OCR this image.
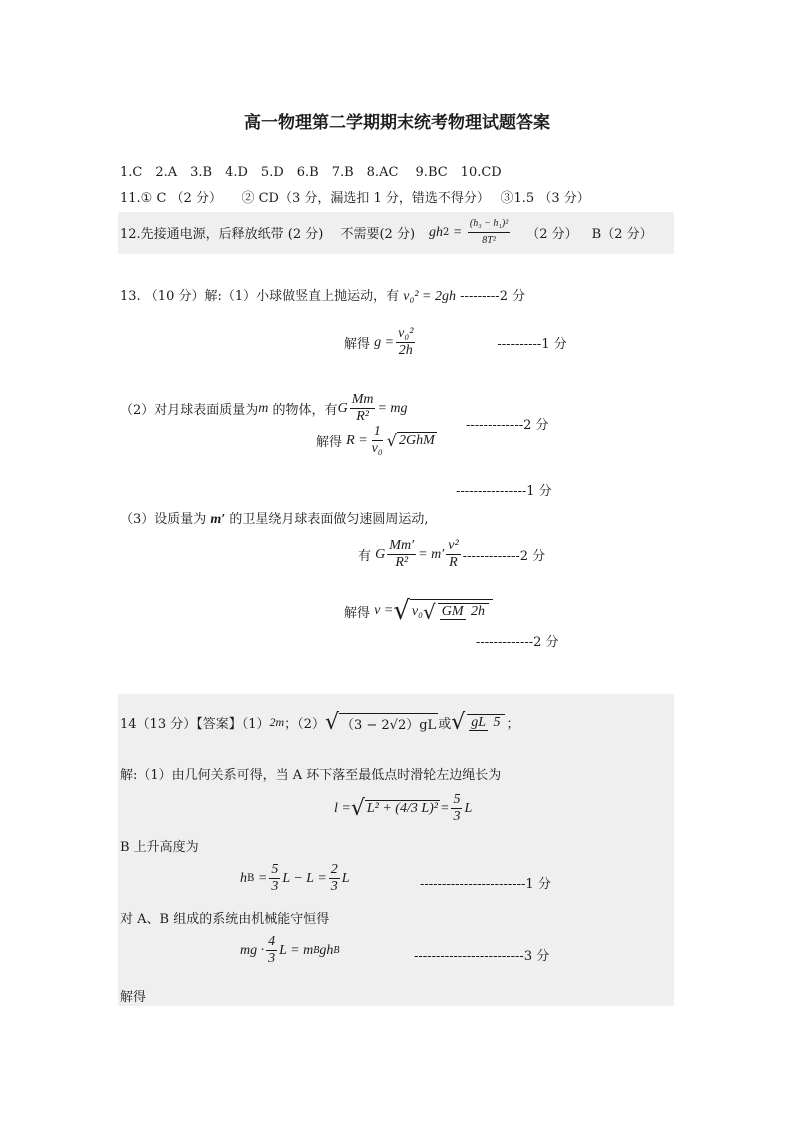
高一物理第二学期期末统考物理试题答案
1.C　2.A　3.B　4.D　5.D　6.B　7.B　8.AC　 9.BC　10.CD
11.① C （2 分）　　② CD（3 分，漏选扣 1 分，错选不得分）　 ③1.5 （3 分）
12.先接通电源，后释放纸带 (2 分)　 不需要(2 分) gh $2 = \frac{\text{(h₃ − h₁)²}}{\text{8T²}} (2$ 分） B（2 分）
13. （10 分）解:（1）小球做竖直上抛运动，有 v₀² = 2gh ---------2 分
解得
$g = \frac{\text{v₀²}}{2h}$	----------1 分
（2）对月球表面质量为 m
的物体，有 G $\frac{Mm}{\text{R²}}$ = mg
-------------2 分
解得
$R = \frac{1}{\text{v₀}}$ √ 2GhM
----------------1 分
（3）设质量为 m′ 的卫星绕月球表面做匀速圆周运动,
有
G $\frac{Mm'}{\text{R²}} = m' \frac{\text{v²}}{R} -------------2$ 分
解得
v = √ v₀ √ GM 2h
-------------2 分
14（13 分）【答案】（1） 2m ；（2） √ （3 − 2√2）gL 或 √ gL 5 ；
解:（1）由几何关系可得，当 A 环下落至最低点时滑轮左边绳长为
l = √ L² + (4/3 $L)^2 = \frac{5}{3}$ L
B 上升高度为
h B
= $\frac{5}{3}$ $L - L = \frac{2}{3}$ L	------------------------1 分
对 A、B 组成的系统由机械能守恒得
mg · $\frac{4}{3}$ L = m B gh B	-------------------------3 分
解得
